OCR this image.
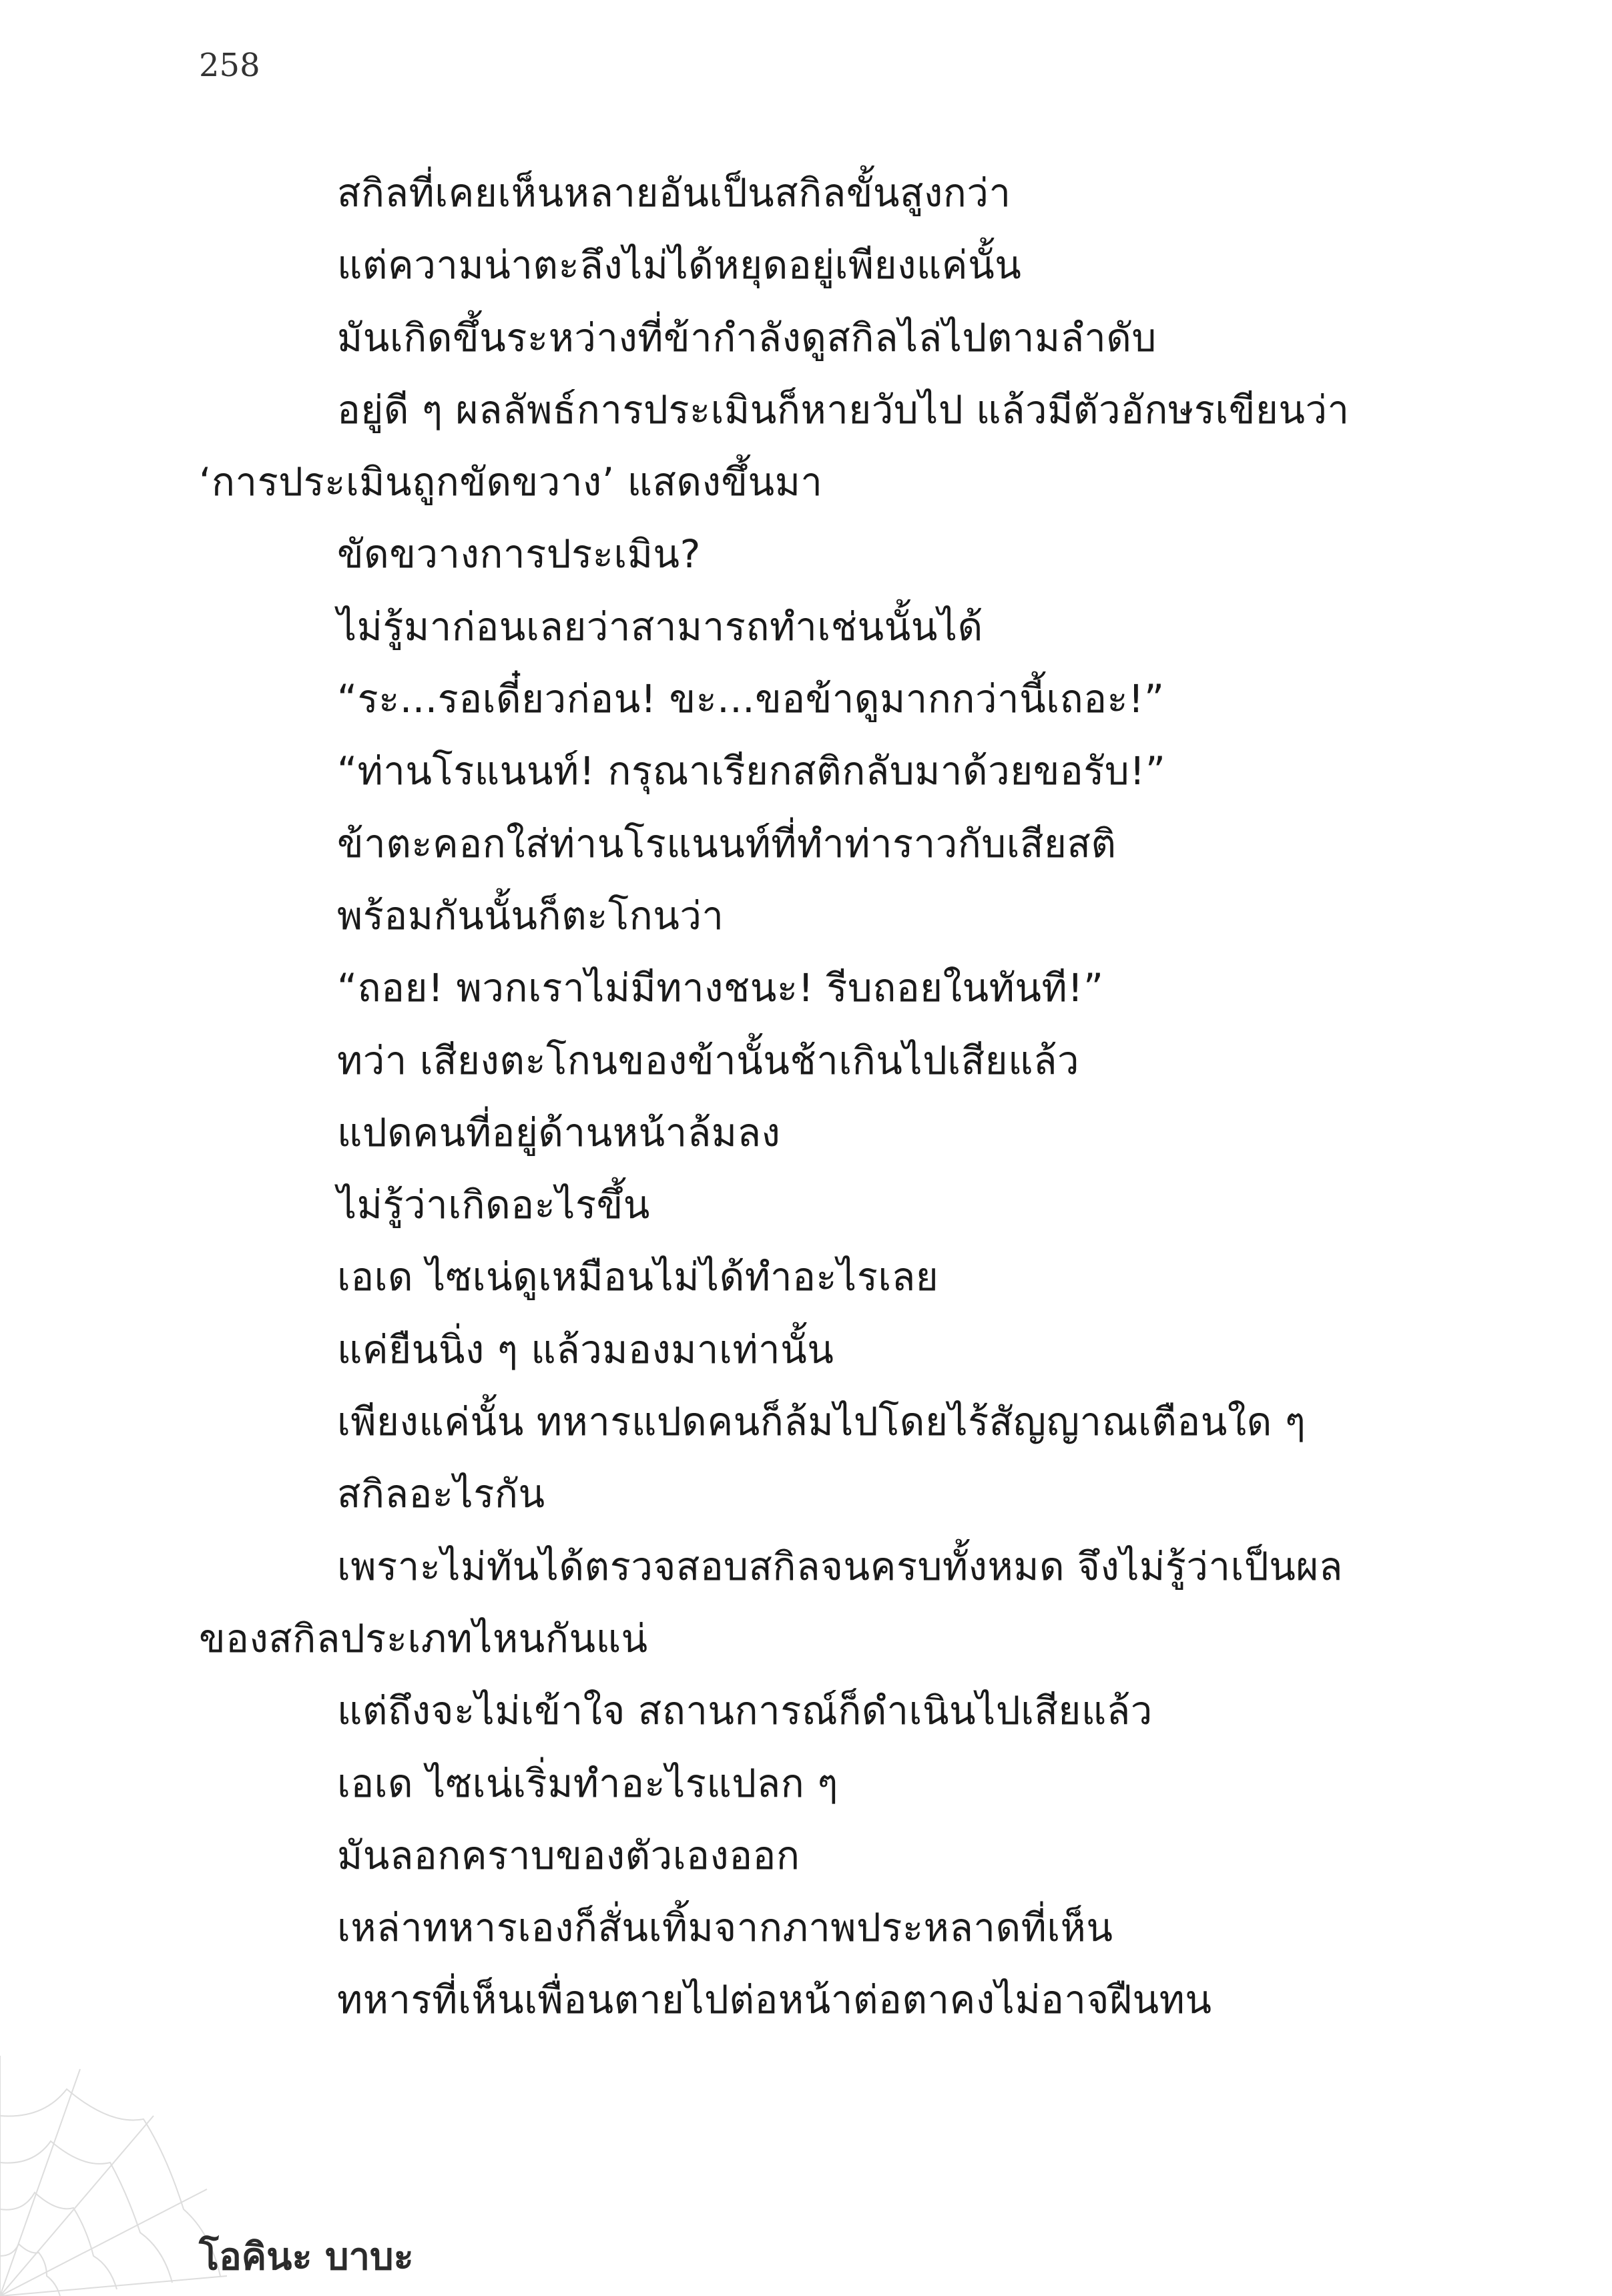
258
สกิลที่เคยเห็นหลายอันเป็นสกิลขั้นสูงกว่า
แต่ความน่าตะลึงไม่ได้หยุดอยู่เพียงแค่นั้น
มันเกิดขึ้นระหว่างที่ข้ากำลังดูสกิลไล่ไปตามลำดับ
อยู่ดี ๆ ผลลัพธ์การประเมินก็หายวับไป แล้วมีตัวอักษรเขียนว่า
‘การประเมินถูกขัดขวาง’ แสดงขึ้นมา
ขัดขวางการประเมิน?
ไม่รู้มาก่อนเลยว่าสามารถทำเช่นนั้นได้
“ระ...รอเดี๋ยวก่อน! ขะ...ขอข้าดูมากกว่านี้เถอะ!”
“ท่านโรแนนท์! กรุณาเรียกสติกลับมาด้วยขอรับ!”
ข้าตะคอกใส่ท่านโรแนนท์ที่ทำท่าราวกับเสียสติ
พร้อมกันนั้นก็ตะโกนว่า
“ถอย! พวกเราไม่มีทางชนะ! รีบถอยในทันที!”
ทว่า เสียงตะโกนของข้านั้นช้าเกินไปเสียแล้ว
แปดคนที่อยู่ด้านหน้าล้มลง
ไม่รู้ว่าเกิดอะไรขึ้น
เอเด ไซเน่ดูเหมือนไม่ได้ทำอะไรเลย
แค่ยืนนิ่ง ๆ แล้วมองมาเท่านั้น
เพียงแค่นั้น ทหารแปดคนก็ล้มไปโดยไร้สัญญาณเตือนใด ๆ
สกิลอะไรกัน
เพราะไม่ทันได้ตรวจสอบสกิลจนครบทั้งหมด จึงไม่รู้ว่าเป็นผล
ของสกิลประเภทไหนกันแน่
แต่ถึงจะไม่เข้าใจ สถานการณ์ก็ดำเนินไปเสียแล้ว
เอเด ไซเน่เริ่มทำอะไรแปลก ๆ
มันลอกคราบของตัวเองออก
เหล่าทหารเองก็สั่นเทิ้มจากภาพประหลาดที่เห็น
ทหารที่เห็นเพื่อนตายไปต่อหน้าต่อตาคงไม่อาจฝืนทน
โอคินะ บาบะ
